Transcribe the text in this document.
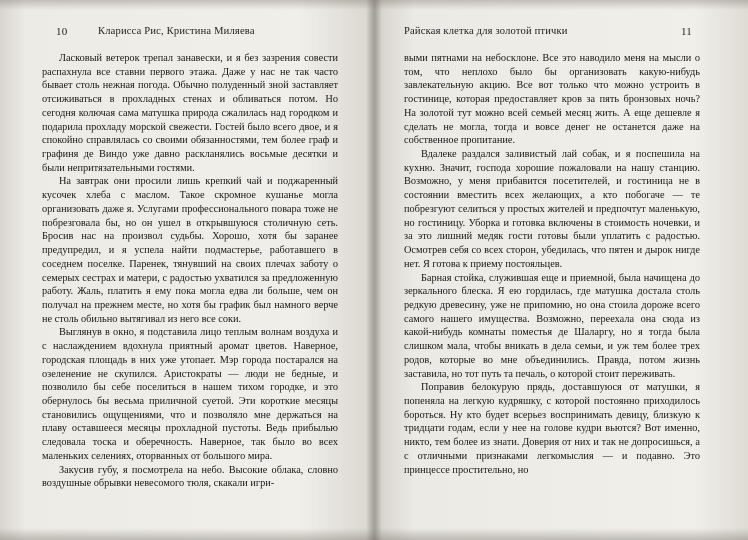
10	Кларисса Рис, Кристина Миляева

Ласковый ветерок трепал занавески, и я без зазрения совести распахнула все ставни первого этажа. Даже у нас не так часто бывает столь нежная погода. Обычно полуденный зной заставляет отсиживаться в прохладных стенах и обливаться потом. Но сегодня колючая сама матушка природа сжалилась над городком и подарила прохладу морской свежести. Гостей было всего двое, и я спокойно справлялась со своими обязанностями, тем более граф и графиня де Виндо уже давно раскланялись восьмые десятки и были непритязательными гостями.

На завтрак они просили лишь крепкий чай и поджаренный кусочек хлеба с маслом. Такое скромное кушанье могла организовать даже я. Услугами профессионального повара тоже не побрезговала бы, но он ушел в открывшуюся столичную сеть. Бросив нас на произвол судьбы. Хорошо, хотя бы заранее предупредил, и я успела найти подмастерье, работавшего в соседнем поселке. Паренек, тянувший на своих плечах заботу о семерых сестрах и матери, с радостью ухватился за предложенную работу. Жаль, платить я ему пока могла едва ли больше, чем он получал на прежнем месте, но хотя бы график был намного верче не столь обильно вытягивал из него все соки.

Выглянув в окно, я подставила лицо теплым волнам воздуха и с наслаждением вдохнула приятный аромат цветов. Наверное, городская площадь в них уже утопает. Мэр города постарался на озеленение не скупился. Аристократы — люди не бедные, и позволило бы себе поселиться в нашем тихом городке, и это обернулось бы весьма приличной суетой. Эти короткие месяцы становились ощущениями, что и позволяло мне держаться на плаву оставшееся месяцы прохладной пустоты. Ведь прибылью следовала тоска и оберечность. Наверное, так было во всех маленьких селениях, оторванных от большого мира.

Закусив губу, я посмотрела на небо. Высокие облака, словно воздушные обрывки невесомого тюля, скакали игри-

Райская клетка для золотой птички	11

выми пятнами на небосклоне. Все это наводило меня на мысли о том, что неплохо было бы организовать какую-нибудь завлекательную акцию. Все вот только что можно устроить в гостинице, которая предоставляет кров за пять бронзовых ночь? На золотой тут можно всей семьей месяц жить. А еще дешевле я сделать не могла, тогда и вовсе денег не останется даже на собственное пропитание.

Вдалеке раздался заливистый лай собак, и я поспешила на кухню. Значит, господа хорошие пожаловали на нашу станцию. Возможно, у меня прибавится посетителей, и гостиница не в состоянии вместить всех желающих, а кто побогаче — те побрезгуют селиться у простых жителей и предпочтут маленькую, но гостиницу. Уборка и готовка включены в стоимость ночевки, и за это лишний медяк гости готовы были уплатить с радостью. Осмотрев себя со всех сторон, убедилась, что пятен и дырок нигде нет. Я готова к приему постояльцев.

Барная стойка, служившая еще и приемной, была начищена до зеркального блеска. Я ею гордилась, где матушка достала столь редкую древесину, уже не припомню, но она стоила дороже всего самого нашего имущества. Возможно, переехала она сюда из какой-нибудь комнаты поместья де Шаларгу, но я тогда была слишком мала, чтобы вникать в дела семьи, и уж тем более трех родов, которые во мне объединились. Правда, потом жизнь заставила, но тот путь та печаль, о которой стоит переживать.

Поправив белокурую прядь, доставшуюся от матушки, я попеняла на легкую кудряшку, с которой постоянно приходилось бороться. Ну кто будет всерьез воспринимать девицу, близкую к тридцати годам, если у нее на голове кудри вьются? Вот именно, никто, тем более из знати. Доверия от них и так не допросишься, а с отличными признаками легкомыслия — и подавно. Это принцессе простительно, но
